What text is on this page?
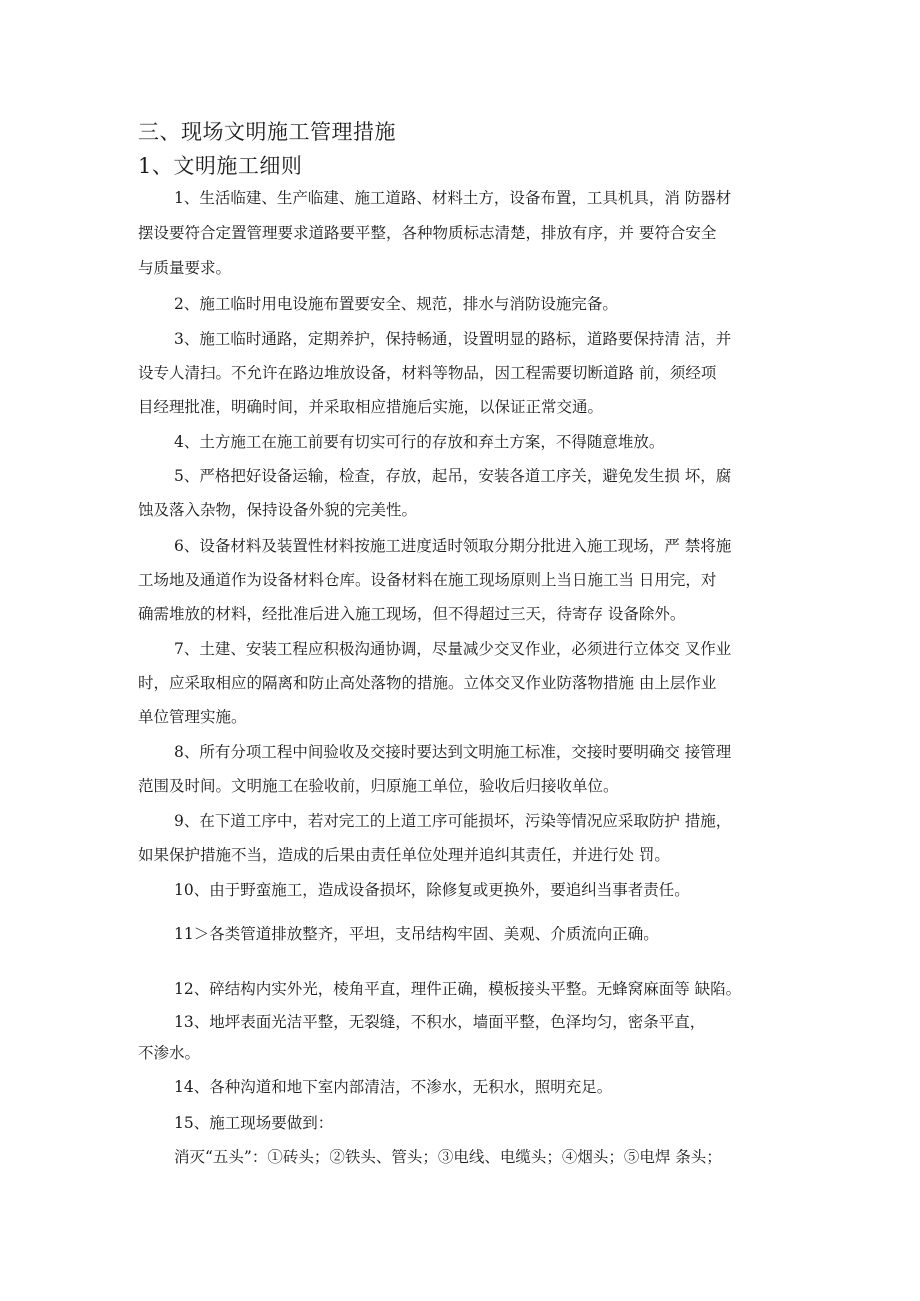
三、现场文明施工管理措施
1、文明施工细则
1、生活临建、生产临建、施工道路、材料土方，设备布置，工具机具，消 防器材
摆设要符合定置管理要求道路要平整，各种物质标志清楚，排放有序，并 要符合安全
与质量要求。
2、施工临时用电设施布置要安全、规范，排水与消防设施完备。
3、施工临时通路，定期养护，保持畅通，设置明显的路标，道路要保持清 洁，并
设专人清扫。不允许在路边堆放设备，材料等物品，因工程需要切断道路 前，须经项
目经理批准，明确时间，并采取相应措施后实施，以保证正常交通。
4、土方施工在施工前要有切实可行的存放和弃土方案，不得随意堆放。
5、严格把好设备运输，检查，存放，起吊，安装各道工序关，避免发生损 坏，腐
蚀及落入杂物，保持设备外貌的完美性。
6、设备材料及装置性材料按施工进度适时领取分期分批进入施工现场，严 禁将施
工场地及通道作为设备材料仓库。设备材料在施工现场原则上当日施工当 日用完，对
确需堆放的材料，经批准后进入施工现场，但不得超过三天，待寄存 设备除外。
7、土建、安装工程应积极沟通协调，尽量减少交叉作业，必须进行立体交 叉作业
时，应采取相应的隔离和防止高处落物的措施。立体交叉作业防落物措施 由上层作业
单位管理实施。
8、所有分项工程中间验收及交接时要达到文明施工标准，交接时要明确交 接管理
范围及时间。文明施工在验收前，归原施工单位，验收后归接收单位。
9、在下道工序中，若对完工的上道工序可能损坏，污染等情况应采取防护 措施，
如果保护措施不当，造成的后果由责任单位处理并追纠其责任，并进行处 罚。
10、由于野蛮施工，造成设备损坏，除修复或更换外，要追纠当事者责任。
11＞各类管道排放整齐，平坦，支吊结构牢固、美观、介质流向正确。
12、碎结构内实外光，棱角平直，理件正确，模板接头平整。无蜂窝麻面等 缺陷。
13、地坪表面光洁平整，无裂缝，不积水，墙面平整，色泽均匀，密条平直，
不渗水。
14、各种沟道和地下室内部清洁，不渗水，无积水，照明充足。
15、施工现场要做到：
消灭“五头”：①砖头；②铁头、管头；③电线、电缆头；④烟头；⑤电焊 条头；
